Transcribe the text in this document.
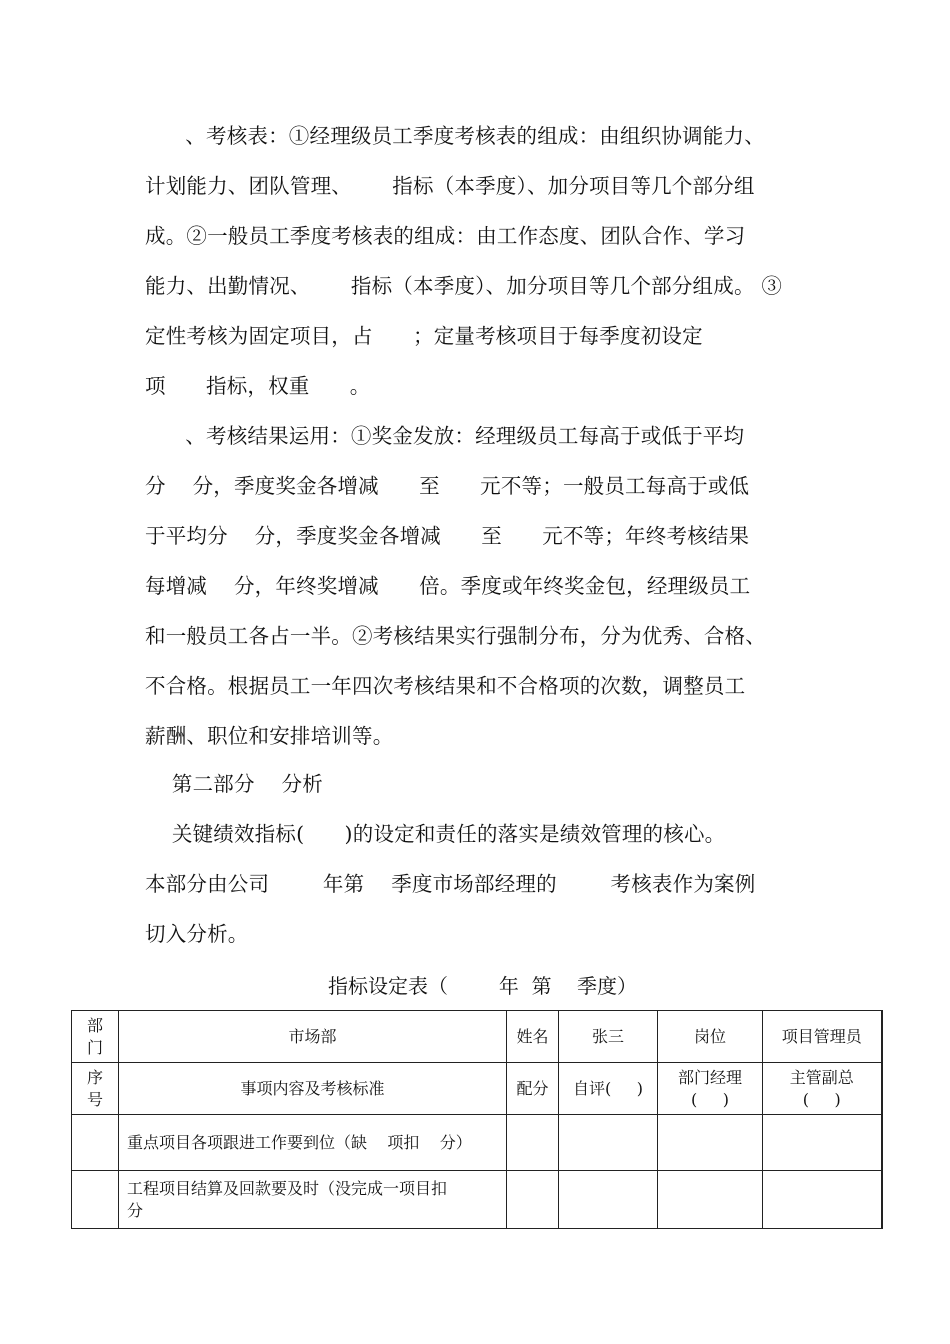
、考核表：①经理级员工季度考核表的组成：由组织协调能力、
计划能力、团队管理、      指标（本季度）、加分项目等几个部分组
成。②一般员工季度考核表的组成：由工作态度、团队合作、学习
能力、出勤情况、      指标（本季度）、加分项目等几个部分组成。 ③
定性考核为固定项目，占      ；定量考核项目于每季度初设定
项      指标，权重      。
、考核结果运用：①奖金发放：经理级员工每高于或低于平均
分    分，季度奖金各增减      至      元不等；一般员工每高于或低
于平均分    分，季度奖金各增减      至      元不等；年终考核结果
每增减    分，年终奖增减      倍。季度或年终奖金包，经理级员工
和一般员工各占一半。②考核结果实行强制分布，分为优秀、合格、
不合格。根据员工一年四次考核结果和不合格项的次数，调整员工
薪酬、职位和安排培训等。
第二部分    分析
关键绩效指标(      )的设定和责任的落实是绩效管理的核心。
本部分由公司        年第    季度市场部经理的        考核表作为案例
切入分析。
指标设定表（        年  第    季度）
部
门	市场部	姓名	张三	岗位	项目管理员
序
号	事项内容及考核标准	配分	自评(     )	部门经理
(     )	主管副总
(     )
	重点项目各项跟进工作要到位（缺    项扣    分）				
	工程项目结算及回款要及时（没完成一项目扣
分				
